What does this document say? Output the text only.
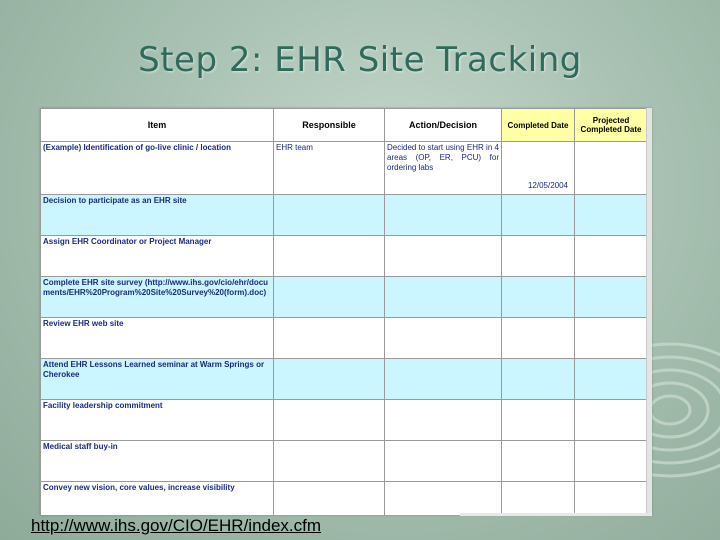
Step 2: EHR Site Tracking
Item	Responsible	Action/Decision	Completed Date	Projected Completed Date

(Example) Identification of go-live clinic / location	EHR team	Decided to start using EHR in 4 areas (OP, ER, PCU) for ordering labs	12/05/2004	

Decision to participate as an EHR site				

Assign EHR Coordinator or Project Manager				

Complete EHR site survey (http://www.ihs.gov/cio/ehr/documents/EHR%20Program%20Site%20Survey%20(form).doc)				

Review EHR web site				

Attend EHR Lessons Learned seminar at Warm Springs or Cherokee				

Facility leadership commitment				

Medical staff buy-in				

Convey new vision, core values, increase visibility				

http://www.ihs.gov/CIO/EHR/index.cfm
